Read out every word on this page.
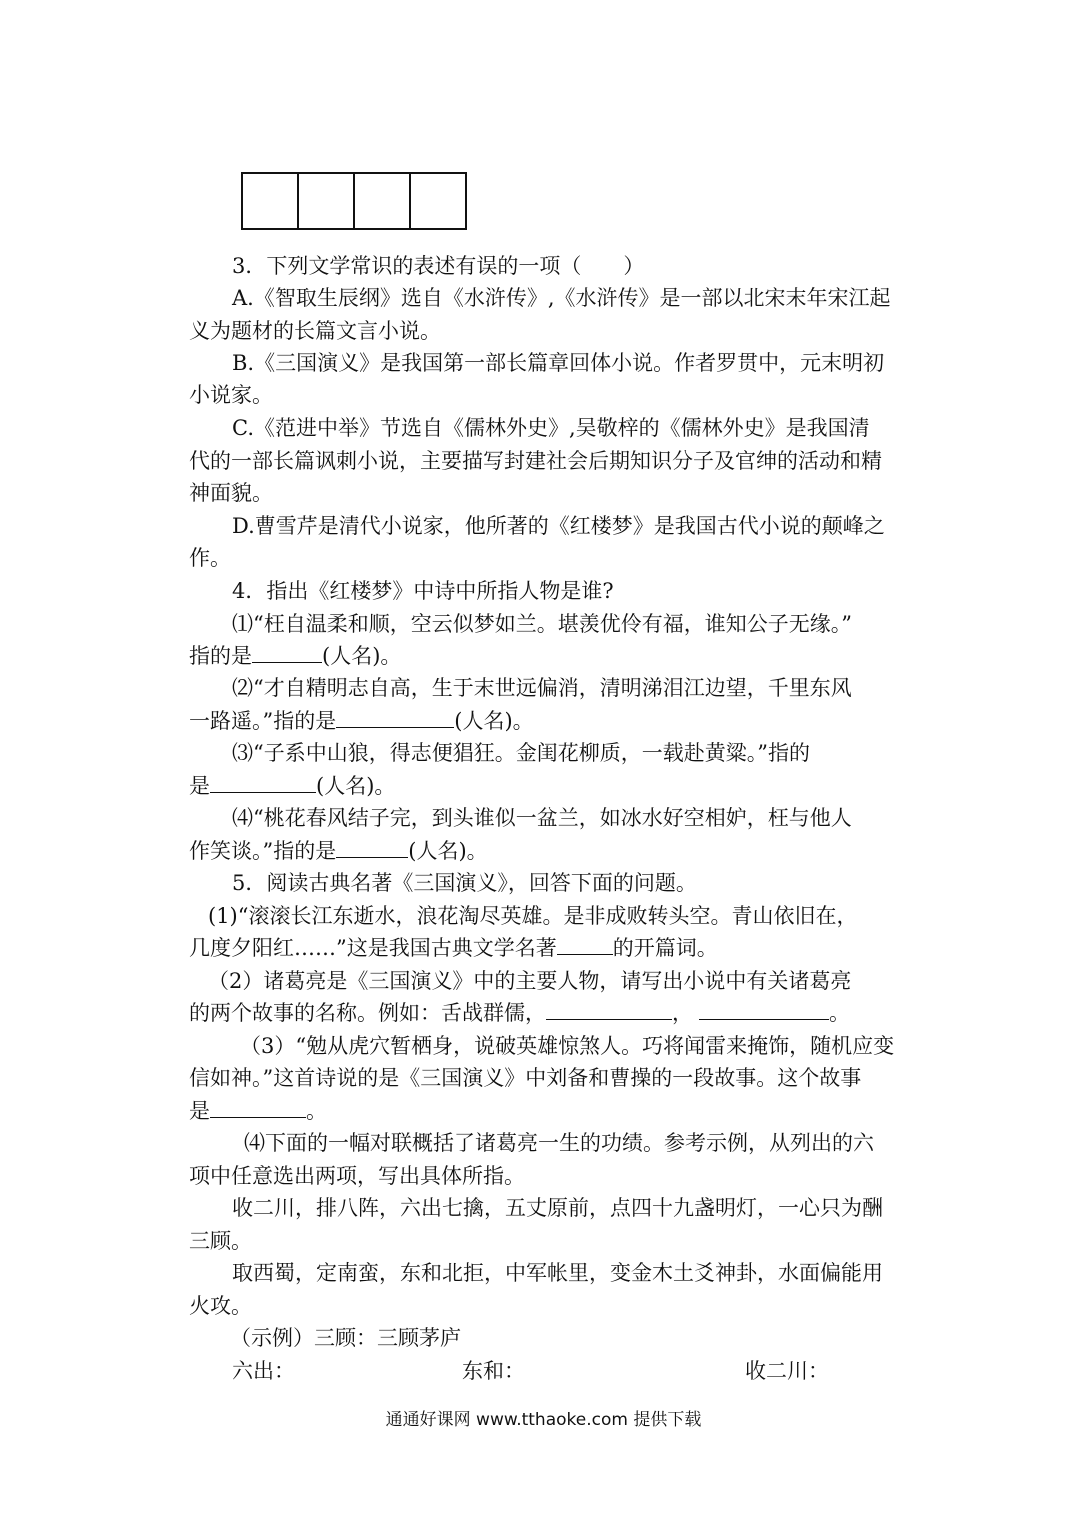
3．下列文学常识的表述有误的一项（　　）
A.《智取生辰纲》选自《水浒传》,《水浒传》是一部以北宋末年宋江起
义为题材的长篇文言小说。
B.《三国演义》是我国第一部长篇章回体小说。作者罗贯中，元末明初
小说家。
C.《范进中举》节选自《儒林外史》,吴敬梓的《儒林外史》是我国清
代的一部长篇讽刺小说，主要描写封建社会后期知识分子及官绅的活动和精
神面貌。
D.曹雪芹是清代小说家，他所著的《红楼梦》是我国古代小说的颠峰之
作。
4．指出《红楼梦》中诗中所指人物是谁?
⑴“枉自温柔和顺，空云似梦如兰。堪羡优伶有福，谁知公子无缘。”
指的是	(人名)。
⑵“才自精明志自高，生于末世远偏消，清明涕泪江边望，千里东风
一路遥。”指的是	(人名)。
⑶“子系中山狼，得志便猖狂。金闺花柳质，一载赴黄粱。”指的
是	(人名)。
⑷“桃花春风结子完，到头谁似一盆兰，如冰水好空相妒，枉与他人
作笑谈。”指的是	(人名)。
5．阅读古典名著《三国演义》，回答下面的问题。
(1)“滚滚长江东逝水，浪花淘尽英雄。是非成败转头空。青山依旧在，
几度夕阳红……”这是我国古典文学名著	的开篇词。
（2）诸葛亮是《三国演义》中的主要人物，请写出小说中有关诸葛亮
的两个故事的名称。例如：舌战群儒，	，	。
（3）“勉从虎穴暂栖身，说破英雄惊煞人。巧将闻雷来掩饰，随机应变
信如神。”这首诗说的是《三国演义》中刘备和曹操的一段故事。这个故事
是	。
⑷下面的一幅对联概括了诸葛亮一生的功绩。参考示例，从列出的六
项中任意选出两项，写出具体所指。
收二川，排八阵，六出七擒，五丈原前，点四十九盏明灯，一心只为酬
三顾。
取西蜀，定南蛮，东和北拒，中军帐里，变金木土爻神卦，水面偏能用
火攻。
（示例）三顾：三顾茅庐
六出：	东和：	收二川：
通通好课网 www.tthaoke.com 提供下载
